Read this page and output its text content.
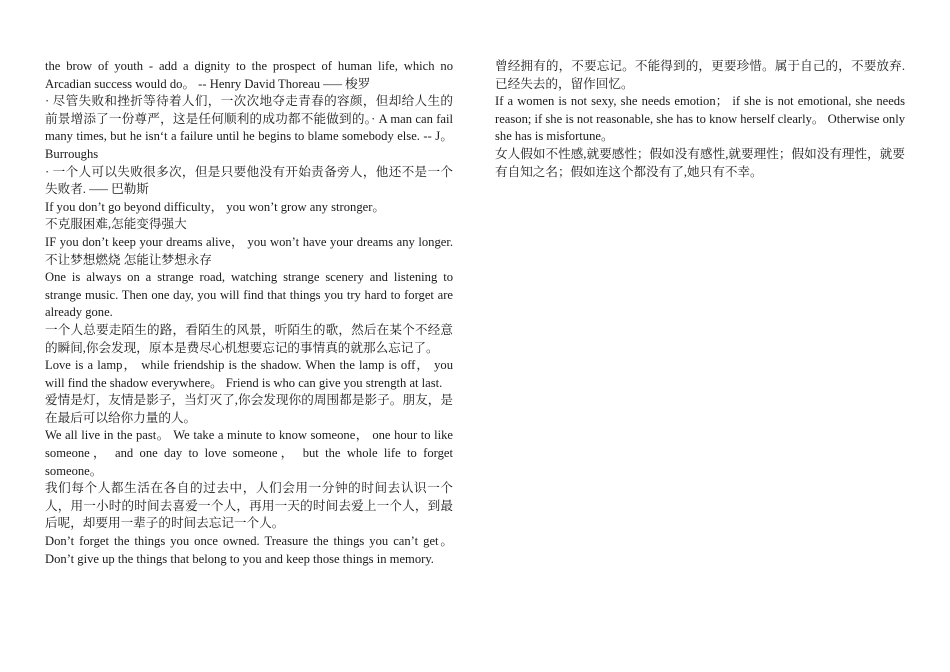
the brow of youth - add a dignity to the prospect of human life, which no Arcadian success would do。 -- Henry David Thoreau —– 梭罗

· 尽管失败和挫折等待着人们，一次次地夺走青春的容颜，但却给人生的前景增添了一份尊严，这是任何顺利的成功都不能做到的。· A man can fail many times, but he isn‘t a failure until he begins to blame somebody else. -- J。 Burroughs

· 一个人可以失败很多次，但是只要他没有开始责备旁人，他还不是一个失败者. —– 巴勒斯

If you don’t go beyond difficulty， you won’t grow any stronger。

不克服困难,怎能变得强大

IF you don’t keep your dreams alive， you won’t have your dreams any longer. 不让梦想燃烧 怎能让梦想永存

One is always on a strange road, watching strange scenery and listening to strange music. Then one day, you will find that things you try hard to forget are already gone.

一个人总要走陌生的路，看陌生的风景，听陌生的歌，然后在某个不经意的瞬间,你会发现，原本是费尽心机想要忘记的事情真的就那么忘记了。

Love is a lamp， while friendship is the shadow. When the lamp is off， you will find the shadow everywhere。 Friend is who can give you strength at last.

爱情是灯，友情是影子，当灯灭了,你会发现你的周围都是影子。朋友，是在最后可以给你力量的人。

We all live in the past。 We take a minute to know someone， one hour to like someone， and one day to love someone， but the whole life to forget someone。

我们每个人都生活在各自的过去中，人们会用一分钟的时间去认识一个人，用一小时的时间去喜爱一个人，再用一天的时间去爱上一个人，到最后呢，却要用一辈子的时间去忘记一个人。

Don’t forget the things you once owned. Treasure the things you can’t get。 Don’t give up the things that belong to you and keep those things in memory.

曾经拥有的，不要忘记。不能得到的，更要珍惜。属于自己的，不要放弃.已经失去的，留作回忆。

If a women is not sexy, she needs emotion； if she is not emotional, she needs reason; if she is not reasonable, she has to know herself clearly。 Otherwise only she has is misfortune。

女人假如不性感,就要感性；假如没有感性,就要理性；假如没有理性，就要有自知之名；假如连这个都没有了,她只有不幸。
